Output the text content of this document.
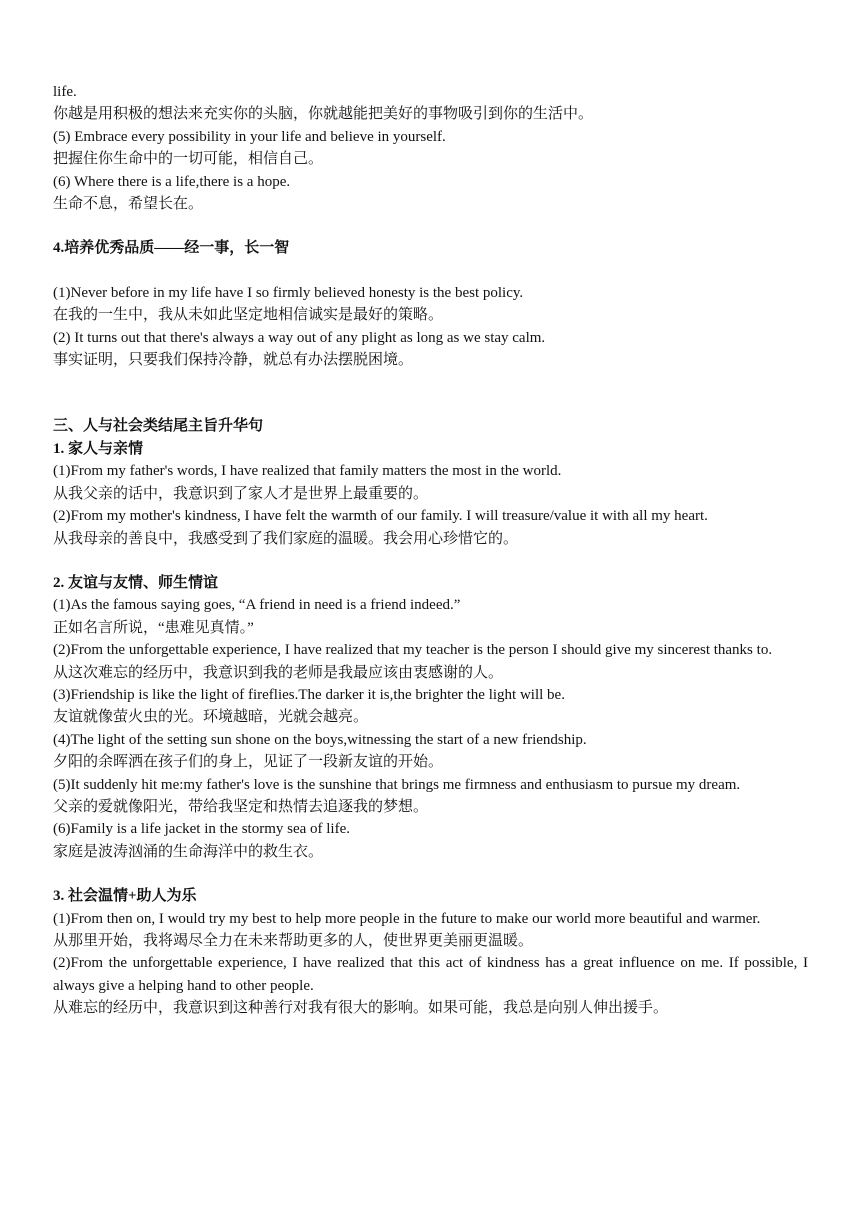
life.

你越是用积极的想法来充实你的头脑，你就越能把美好的事物吸引到你的生活中。

(5) Embrace every possibility in your life and believe in yourself.

把握住你生命中的一切可能，相信自己。

(6) Where there is a life,there is a hope.

生命不息，希望长在。

4.培养优秀品质——经一事，长一智

(1)Never before in my life have I so firmly believed honesty is the best policy.

在我的一生中，我从未如此坚定地相信诚实是最好的策略。

(2) It turns out that there's always a way out of any plight as long as we stay calm.

事实证明，只要我们保持冷静，就总有办法摆脱困境。

三、人与社会类结尾主旨升华句

1. 家人与亲情

(1)From my father's words, I have realized that family matters the most in the world.

从我父亲的话中，我意识到了家人才是世界上最重要的。

(2)From my mother's kindness, I have felt the warmth of our family. I will treasure/value it with all my heart.

从我母亲的善良中，我感受到了我们家庭的温暖。我会用心珍惜它的。

2. 友谊与友情、师生情谊

(1)As the famous saying goes, “A friend in need is a friend indeed.”

正如名言所说，“患难见真情。”

(2)From the unforgettable experience, I have realized that my teacher is the person I should give my sincerest thanks to.

从这次难忘的经历中，我意识到我的老师是我最应该由衷感谢的人。

(3)Friendship is like the light of fireflies.The darker it is,the brighter the light will be.

友谊就像萤火虫的光。环境越暗，光就会越亮。

(4)The light of the setting sun shone on the boys,witnessing the start of a new friendship.

夕阳的余晖洒在孩子们的身上，见证了一段新友谊的开始。

(5)It suddenly hit me:my father's love is the sunshine that brings me firmness and enthusiasm to pursue my dream.

父亲的爱就像阳光，带给我坚定和热情去追逐我的梦想。

(6)Family is a life jacket in the stormy sea of life.

家庭是波涛汹涌的生命海洋中的救生衣。

3. 社会温情+助人为乐

(1)From then on, I would try my best to help more people in the future to make our world more beautiful and warmer.

从那里开始，我将竭尽全力在未来帮助更多的人，使世界更美丽更温暖。

(2)From the unforgettable experience, I have realized that this act of kindness has a great influence on me. If possible, I always give a helping hand to other people.

从难忘的经历中，我意识到这种善行对我有很大的影响。如果可能，我总是向别人伸出援手。
